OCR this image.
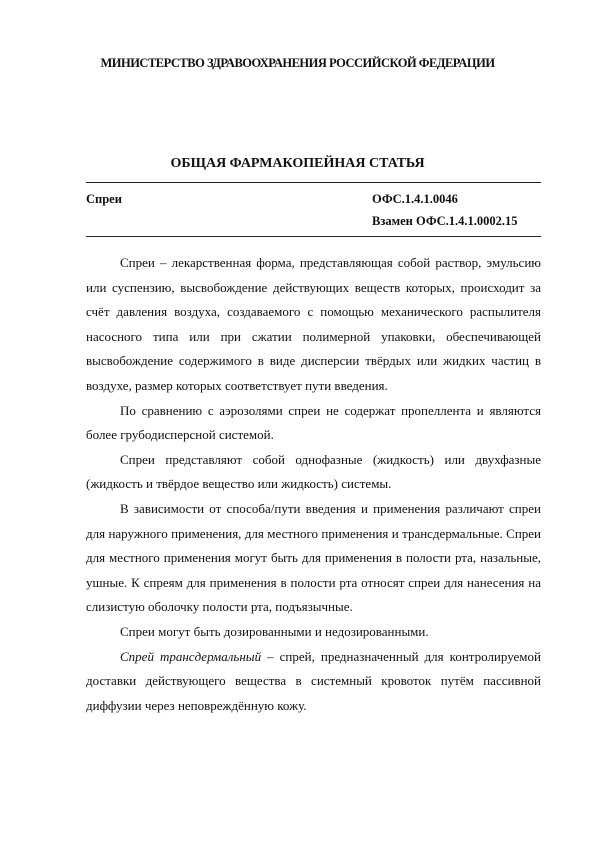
МИНИСТЕРСТВО ЗДРАВООХРАНЕНИЯ РОССИЙСКОЙ ФЕДЕРАЦИИ
ОБЩАЯ ФАРМАКОПЕЙНАЯ СТАТЬЯ
Спреи	ОФС.1.4.1.0046
Взамен ОФС.1.4.1.0002.15

Спреи – лекарственная форма, представляющая собой раствор, эмульсию или суспензию, высвобождение действующих веществ которых, происходит за счёт давления воздуха, создаваемого с помощью механического распылителя насосного типа или при сжатии полимерной упаковки, обеспечивающей высвобождение содержимого в виде дисперсии твёрдых или жидких частиц в воздухе, размер которых соответствует пути введения.

По сравнению с аэрозолями спреи не содержат пропеллента и являются более грубодисперсной системой.

Спреи представляют собой однофазные (жидкость) или двухфазные (жидкость и твёрдое вещество или жидкость) системы.

В зависимости от способа/пути введения и применения различают спреи для наружного применения, для местного применения и трансдермальные. Спреи для местного применения могут быть для применения в полости рта, назальные, ушные. К спреям для применения в полости рта относят спреи для нанесения на слизистую оболочку полости рта, подъязычные.

Спреи могут быть дозированными и недозированными.

Спрей трансдермальный – спрей, предназначенный для контролируемой доставки действующего вещества в системный кровоток путём пассивной диффузии через неповреждённую кожу.
